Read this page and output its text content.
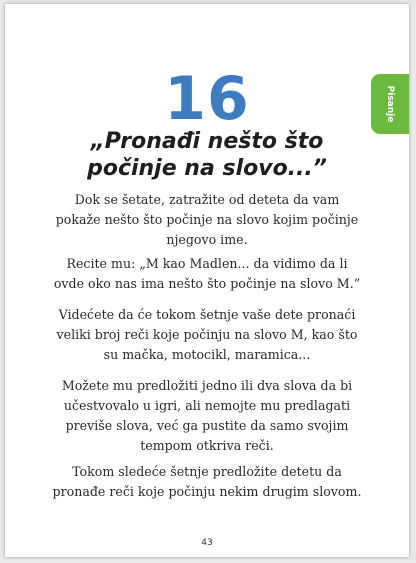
Pisanje
16
„Pronađi nešto što
počinje na slovo...”
Dok se šetate, zatražite od deteta da vam
pokaže nešto što počinje na slovo kojim počinje
njegovo ime.
Recite mu: „M kao Madlen... da vidimo da li
ovde oko nas ima nešto što počinje na slovo M.”
Videćete da će tokom šetnje vaše dete pronaći
veliki broj reči koje počinju na slovo M, kao što
su mačka, motocikl, maramica...
Možete mu predložiti jedno ili dva slova da bi
učestvovalo u igri, ali nemojte mu predlagati
previše slova, već ga pustite da samo svojim
tempom otkriva reči.
Tokom sledeće šetnje predložite detetu da
pronađe reči koje počinju nekim drugim slovom.
43
